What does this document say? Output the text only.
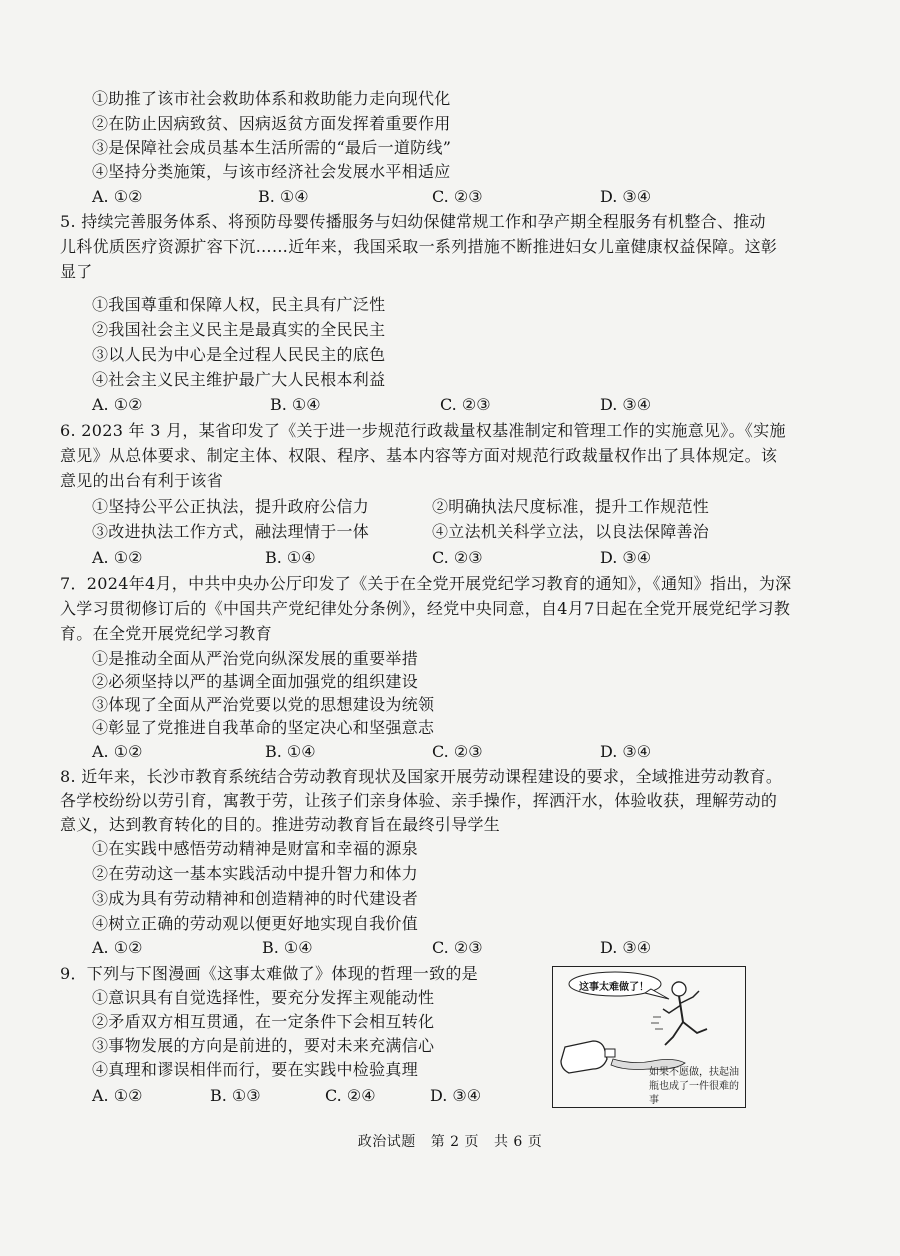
①助推了该市社会救助体系和救助能力走向现代化
②在防止因病致贫、因病返贫方面发挥着重要作用
③是保障社会成员基本生活所需的“最后一道防线”
④坚持分类施策，与该市经济社会发展水平相适应
A. ①②	B. ①④	C. ②③	D. ③④
5. 持续完善服务体系、将预防母婴传播服务与妇幼保健常规工作和孕产期全程服务有机整合、推动
儿科优质医疗资源扩容下沉……近年来，我国采取一系列措施不断推进妇女儿童健康权益保障。这彰
显了
①我国尊重和保障人权，民主具有广泛性
②我国社会主义民主是最真实的全民民主
③以人民为中心是全过程人民民主的底色
④社会主义民主维护最广大人民根本利益
A. ①②	B. ①④	C. ②③	D. ③④
6. 2023 年 3 月，某省印发了《关于进一步规范行政裁量权基准制定和管理工作的实施意见》。《实施
意见》从总体要求、制定主体、权限、程序、基本内容等方面对规范行政裁量权作出了具体规定。该
意见的出台有利于该省
①坚持公平公正执法，提升政府公信力	②明确执法尺度标准，提升工作规范性
③改进执法工作方式，融法理情于一体	④立法机关科学立法，以良法保障善治
A. ①②	B. ①④	C. ②③	D. ③④
7．2024年4月，中共中央办公厅印发了《关于在全党开展党纪学习教育的通知》，《通知》指出，为深
入学习贯彻修订后的《中国共产党纪律处分条例》，经党中央同意，自4月7日起在全党开展党纪学习教
育。在全党开展党纪学习教育
①是推动全面从严治党向纵深发展的重要举措
②必须坚持以严的基调全面加强党的组织建设
③体现了全面从严治党要以党的思想建设为统领
④彰显了党推进自我革命的坚定决心和坚强意志
A. ①②	B. ①④	C. ②③	D. ③④
8. 近年来，长沙市教育系统结合劳动教育现状及国家开展劳动课程建设的要求，全域推进劳动教育。
各学校纷纷以劳引育，寓教于劳，让孩子们亲身体验、亲手操作，挥洒汗水，体验收获，理解劳动的
意义，达到教育转化的目的。推进劳动教育旨在最终引导学生
①在实践中感悟劳动精神是财富和幸福的源泉
②在劳动这一基本实践活动中提升智力和体力
③成为具有劳动精神和创造精神的时代建设者
④树立正确的劳动观以便更好地实现自我价值
A. ①②	B. ①④	C. ②③	D. ③④
9．下列与下图漫画《这事太难做了》体现的哲理一致的是
①意识具有自觉选择性，要充分发挥主观能动性
②矛盾双方相互贯通，在一定条件下会相互转化
③事物发展的方向是前进的，要对未来充满信心
④真理和谬误相伴而行，要在实践中检验真理
A. ①②	B. ①③	C. ②④	D. ③④
这事太难做了！
如果不愿做，扶起油瓶也成了一件很难的事
政治试题 第 2 页 共 6 页
